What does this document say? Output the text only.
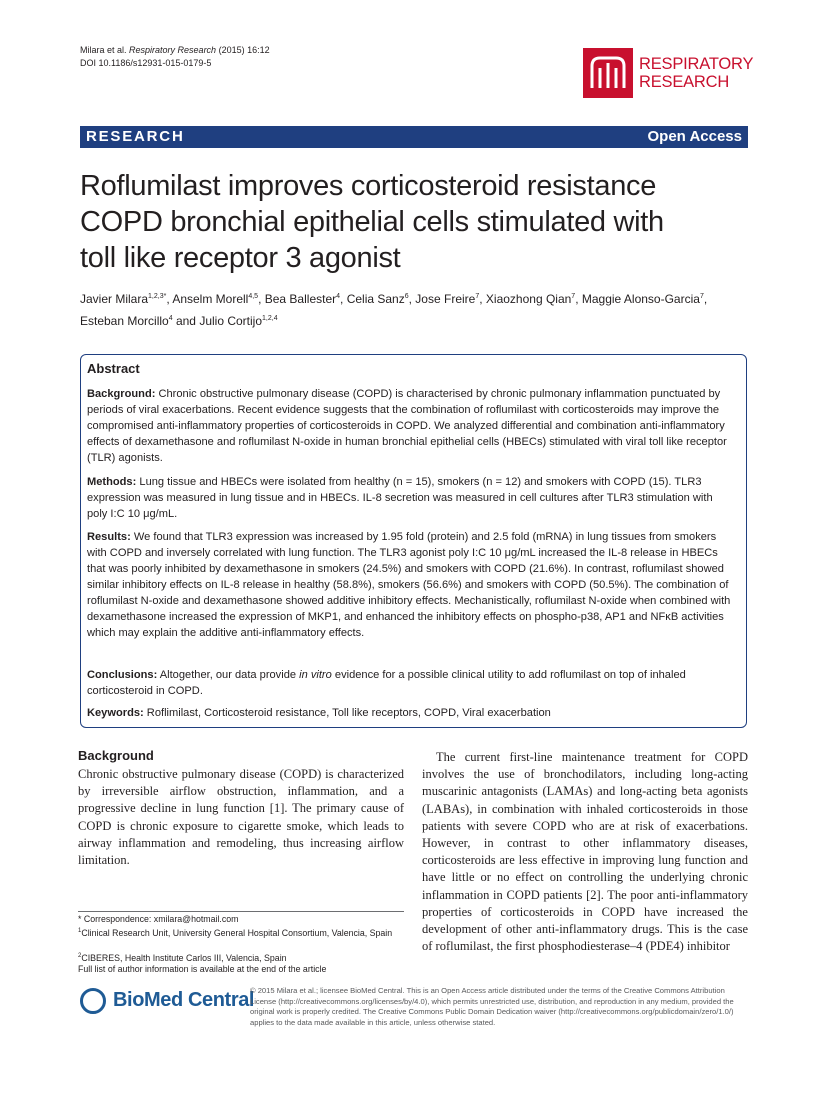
Milara et al. Respiratory Research (2015) 16:12
DOI 10.1186/s12931-015-0179-5	RESPIRATORY
RESEARCH
RESEARCH	Open Access
Roflumilast improves corticosteroid resistance
COPD bronchial epithelial cells stimulated with
toll like receptor 3 agonist
Javier Milara$^{1,2,3*}$, Anselm Morell$^{4,5}$, Bea Ballester$^4$, Celia Sanz$^6$, Jose Freire$^7$, Xiaozhong Qian$^7$, Maggie Alonso-Garcia$^7$, Esteban Morcillo$^4$ and Julio Cortijo$^{1,2,4}$
Abstract
Background: Chronic obstructive pulmonary disease (COPD) is characterised by chronic pulmonary inflammation punctuated by periods of viral exacerbations. Recent evidence suggests that the combination of roflumilast with corticosteroids may improve the compromised anti-inflammatory properties of corticosteroids in COPD. We analyzed differential and combination anti-inflammatory effects of dexamethasone and roflumilast N-oxide in human bronchial epithelial cells (HBECs) stimulated with viral toll like receptor (TLR) agonists.
Methods: Lung tissue and HBECs were isolated from healthy (n = 15), smokers (n = 12) and smokers with COPD (15). TLR3 expression was measured in lung tissue and in HBECs. IL-8 secretion was measured in cell cultures after TLR3 stimulation with poly I:C 10 μg/mL.
Results: We found that TLR3 expression was increased by 1.95 fold (protein) and 2.5 fold (mRNA) in lung tissues from smokers with COPD and inversely correlated with lung function. The TLR3 agonist poly I:C 10 μg/mL increased the IL-8 release in HBECs that was poorly inhibited by dexamethasone in smokers (24.5%) and smokers with COPD (21.6%). In contrast, roflumilast showed similar inhibitory effects on IL-8 release in healthy (58.8%), smokers (56.6%) and smokers with COPD (50.5%). The combination of roflumilast N-oxide and dexamethasone showed additive inhibitory effects. Mechanistically, roflumilast N-oxide when combined with dexamethasone increased the expression of MKP1, and enhanced the inhibitory effects on phospho-p38, AP1 and NFκB activities which may explain the additive anti-inflammatory effects.
Conclusions: Altogether, our data provide in vitro evidence for a possible clinical utility to add roflumilast on top of inhaled corticosteroid in COPD.
Keywords: Roflimilast, Corticosteroid resistance, Toll like receptors, COPD, Viral exacerbation
Background
Chronic obstructive pulmonary disease (COPD) is characterized by irreversible airflow obstruction, inflammation, and a progressive decline in lung function [1]. The primary cause of COPD is chronic exposure to cigarette smoke, which leads to airway inflammation and remodeling, thus increasing airflow limitation.
The current first-line maintenance treatment for COPD involves the use of bronchodilators, including long-acting muscarinic antagonists (LAMAs) and long-acting beta agonists (LABAs), in combination with inhaled corticosteroids in those patients with severe COPD who are at risk of exacerbations. However, in contrast to other inflammatory diseases, corticosteroids are less effective in improving lung function and have little or no effect on controlling the underlying chronic inflammation in COPD patients [2]. The poor anti-inflammatory properties of corticosteroids in COPD have increased the development of other anti-inflammatory drugs. This is the case of roflumilast, the first phosphodiesterase–4 (PDE4) inhibitor
* Correspondence: xmilara@hotmail.com
$^1$Clinical Research Unit, University General Hospital Consortium, Valencia, Spain
$^2$CIBERES, Health Institute Carlos III, Valencia, Spain
Full list of author information is available at the end of the article
BioMed Central
© 2015 Milara et al.; licensee BioMed Central. This is an Open Access article distributed under the terms of the Creative Commons Attribution License (http://creativecommons.org/licenses/by/4.0), which permits unrestricted use, distribution, and reproduction in any medium, provided the original work is properly credited. The Creative Commons Public Domain Dedication waiver (http://creativecommons.org/publicdomain/zero/1.0/) applies to the data made available in this article, unless otherwise stated.
